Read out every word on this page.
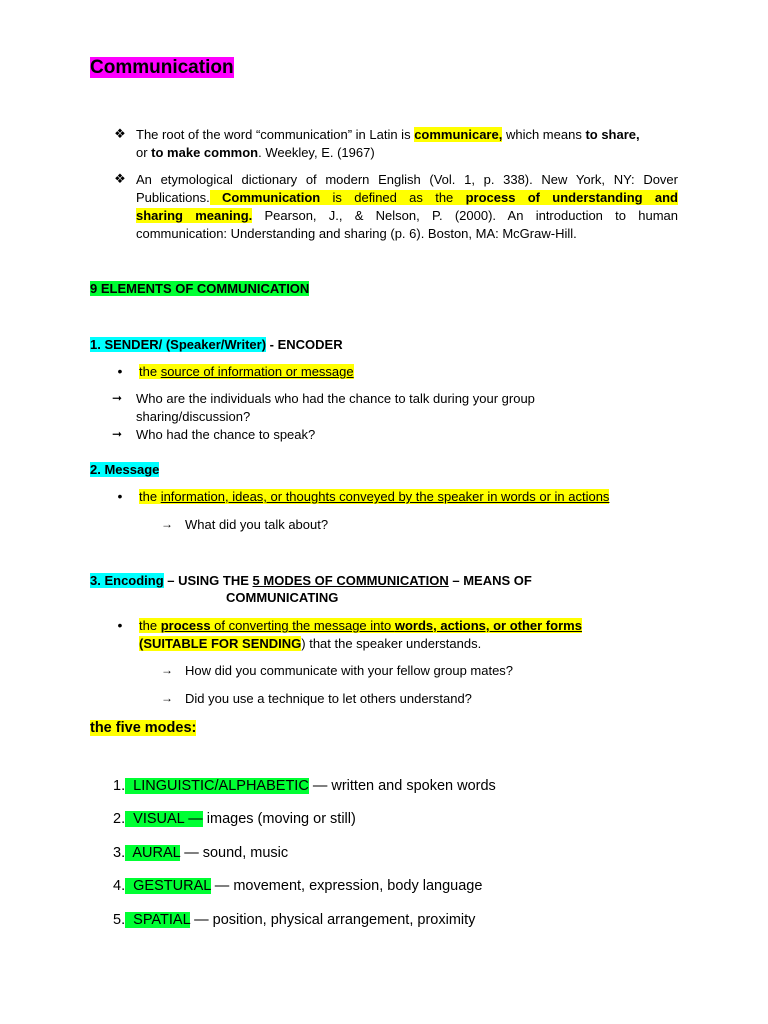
Communication
❖ The root of the word “communication” in Latin is communicare, which means to share,
or to make common. Weekley, E. (1967)
❖ An etymological dictionary of modern English (Vol. 1, p. 338). New York, NY: Dover
Publications. Communication is defined as the process of understanding and
sharing meaning. Pearson, J., & Nelson, P. (2000). An introduction to human
communication: Understanding and sharing (p. 6). Boston, MA: McGraw-Hill.
9 ELEMENTS OF COMMUNICATION
1. SENDER/ (Speaker/Writer) - ENCODER
•	the source of information or message
➞	Who are the individuals who had the chance to talk during your group
sharing/discussion?
➞	Who had the chance to speak?
2. Message
•	the information, ideas, or thoughts conveyed by the speaker in words or in actions
→ What did you talk about?
3. Encoding – USING THE 5 MODES OF COMMUNICATION – MEANS OF
COMMUNICATING
•	the process of converting the message into words, actions, or other forms
(SUITABLE FOR SENDING) that the speaker understands.
→ How did you communicate with your fellow group mates?
→ Did you use a technique to let others understand?
the five modes:
1.  LINGUISTIC/ALPHABETIC — written and spoken words
2.  VISUAL — images (moving or still)
3.  AURAL — sound, music
4.  GESTURAL — movement, expression, body language
5.  SPATIAL — position, physical arrangement, proximity
